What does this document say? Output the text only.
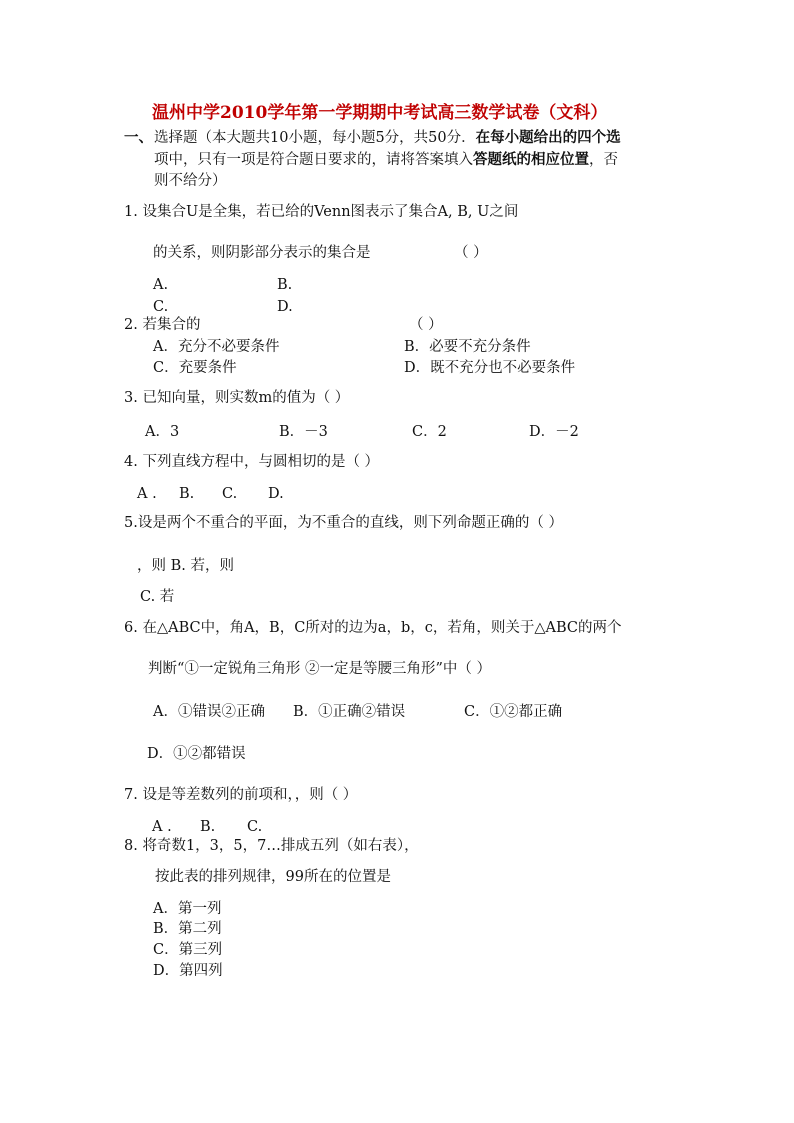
温州中学2010学年第一学期期中考试高三数学试卷（文科）
一、 选择题（本大题共10小题，每小题5分，共50分．在每小题给出的四个选
项中，只有一项是符合题日要求的，请将答案填入答题纸的相应位置，否
则不给分）
1. 设集合U是全集，若已给的Venn图表示了集合A, B, U之间
的关系，则阴影部分表示的集合是	（ ）
A.	B.
C.	D.
2. 若集合的	（ ）
A．充分不必要条件	B．必要不充分条件
C．充要条件	D．既不充分也不必要条件
3. 已知向量，则实数m的值为（ ）
A．3	B．－3	C．2	D．－2
4. 下列直线方程中，与圆相切的是（ ）
A . B. C. D.
5.设是两个不重合的平面，为不重合的直线，则下列命题正确的（ ）
，则 B. 若，则
C. 若
6. 在△ABC中，角A，B，C所对的边为a，b，c，若角，则关于△ABC的两个
判断“①一定锐角三角形 ②一定是等腰三角形”中（ ）
A．①错误②正确 B．①正确②错误	C．①②都正确
D．①②都错误
7. 设是等差数列的前项和，，则（ ）
A . B. C.
8. 将奇数1，3，5，7…排成五列（如右表），
按此表的排列规律，99所在的位置是
A．第一列
B．第二列
C．第三列
D．第四列
